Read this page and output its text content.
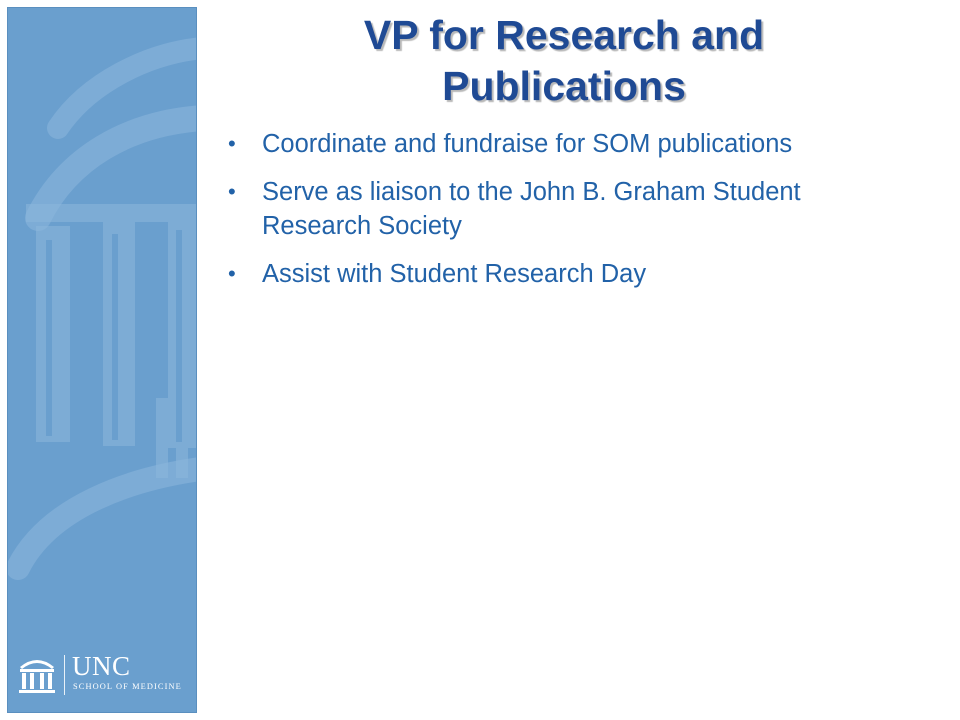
UNC
SCHOOL OF MEDICINE
VP for Research and Publications
• Coordinate and fundraise for SOM publications
• Serve as liaison to the John B. Graham Student Research Society
• Assist with Student Research Day
